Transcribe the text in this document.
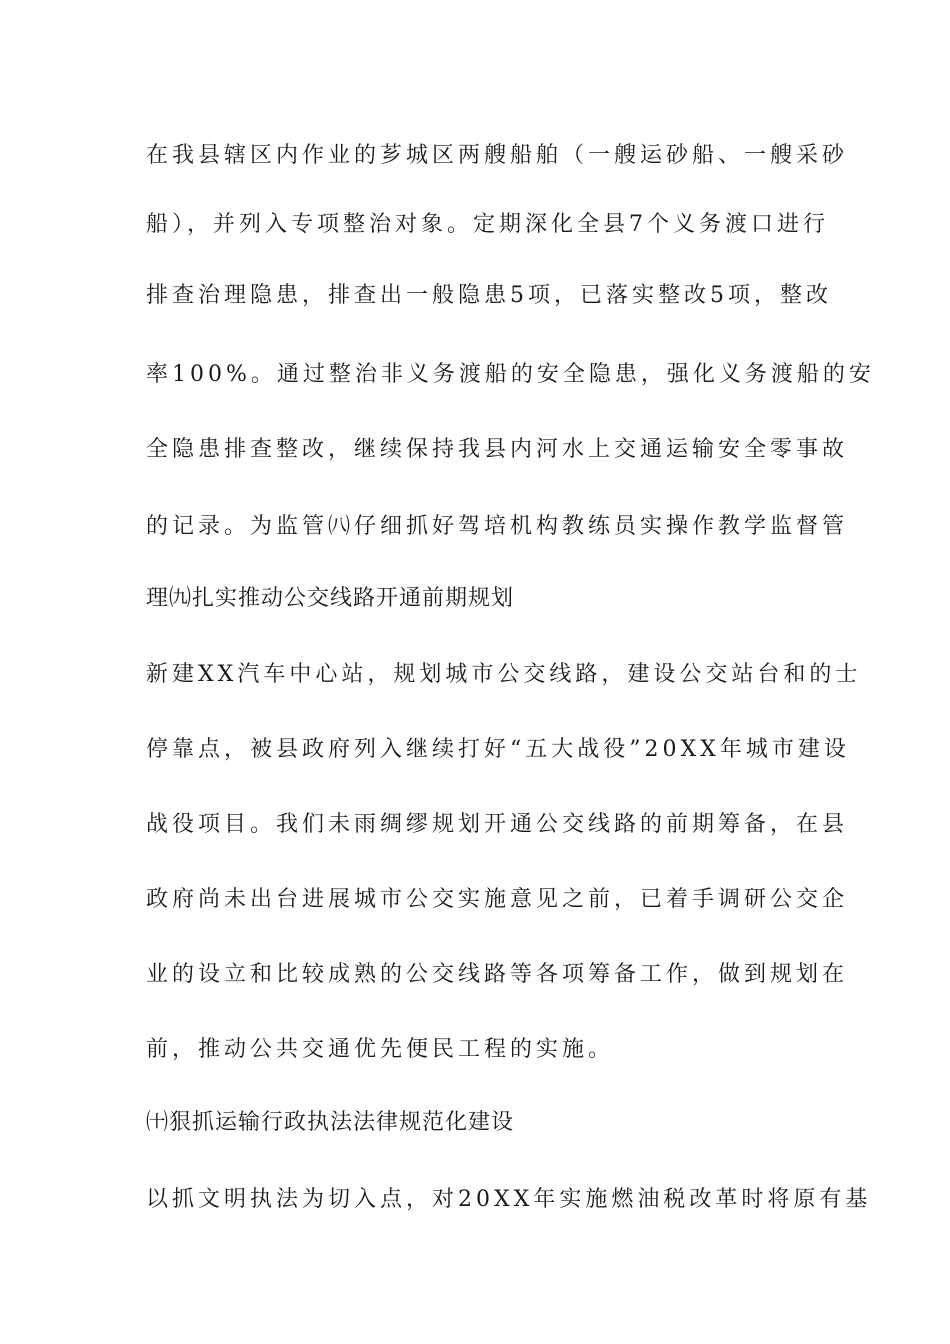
在我县辖区内作业的芗城区两艘船舶（一艘运砂船、一艘采砂
船），并列入专项整治对象。定期深化全县7个义务渡口进行
排查治理隐患，排查出一般隐患5项，已落实整改5项，整改
率100%。通过整治非义务渡船的安全隐患，强化义务渡船的安
全隐患排查整改，继续保持我县内河水上交通运输安全零事故
的记录。为监管㈧仔细抓好驾培机构教练员实操作教学监督管
理㈨扎实推动公交线路开通前期规划
新建XX汽车中心站，规划城市公交线路，建设公交站台和的士
停靠点，被县政府列入继续打好“五大战役”20XX年城市建设
战役项目。我们未雨绸缪规划开通公交线路的前期筹备，在县
政府尚未出台进展城市公交实施意见之前，已着手调研公交企
业的设立和比较成熟的公交线路等各项筹备工作，做到规划在
前，推动公共交通优先便民工程的实施。
㈩狠抓运输行政执法法律规范化建设
以抓文明执法为切入点，对20XX年实施燃油税改革时将原有基
